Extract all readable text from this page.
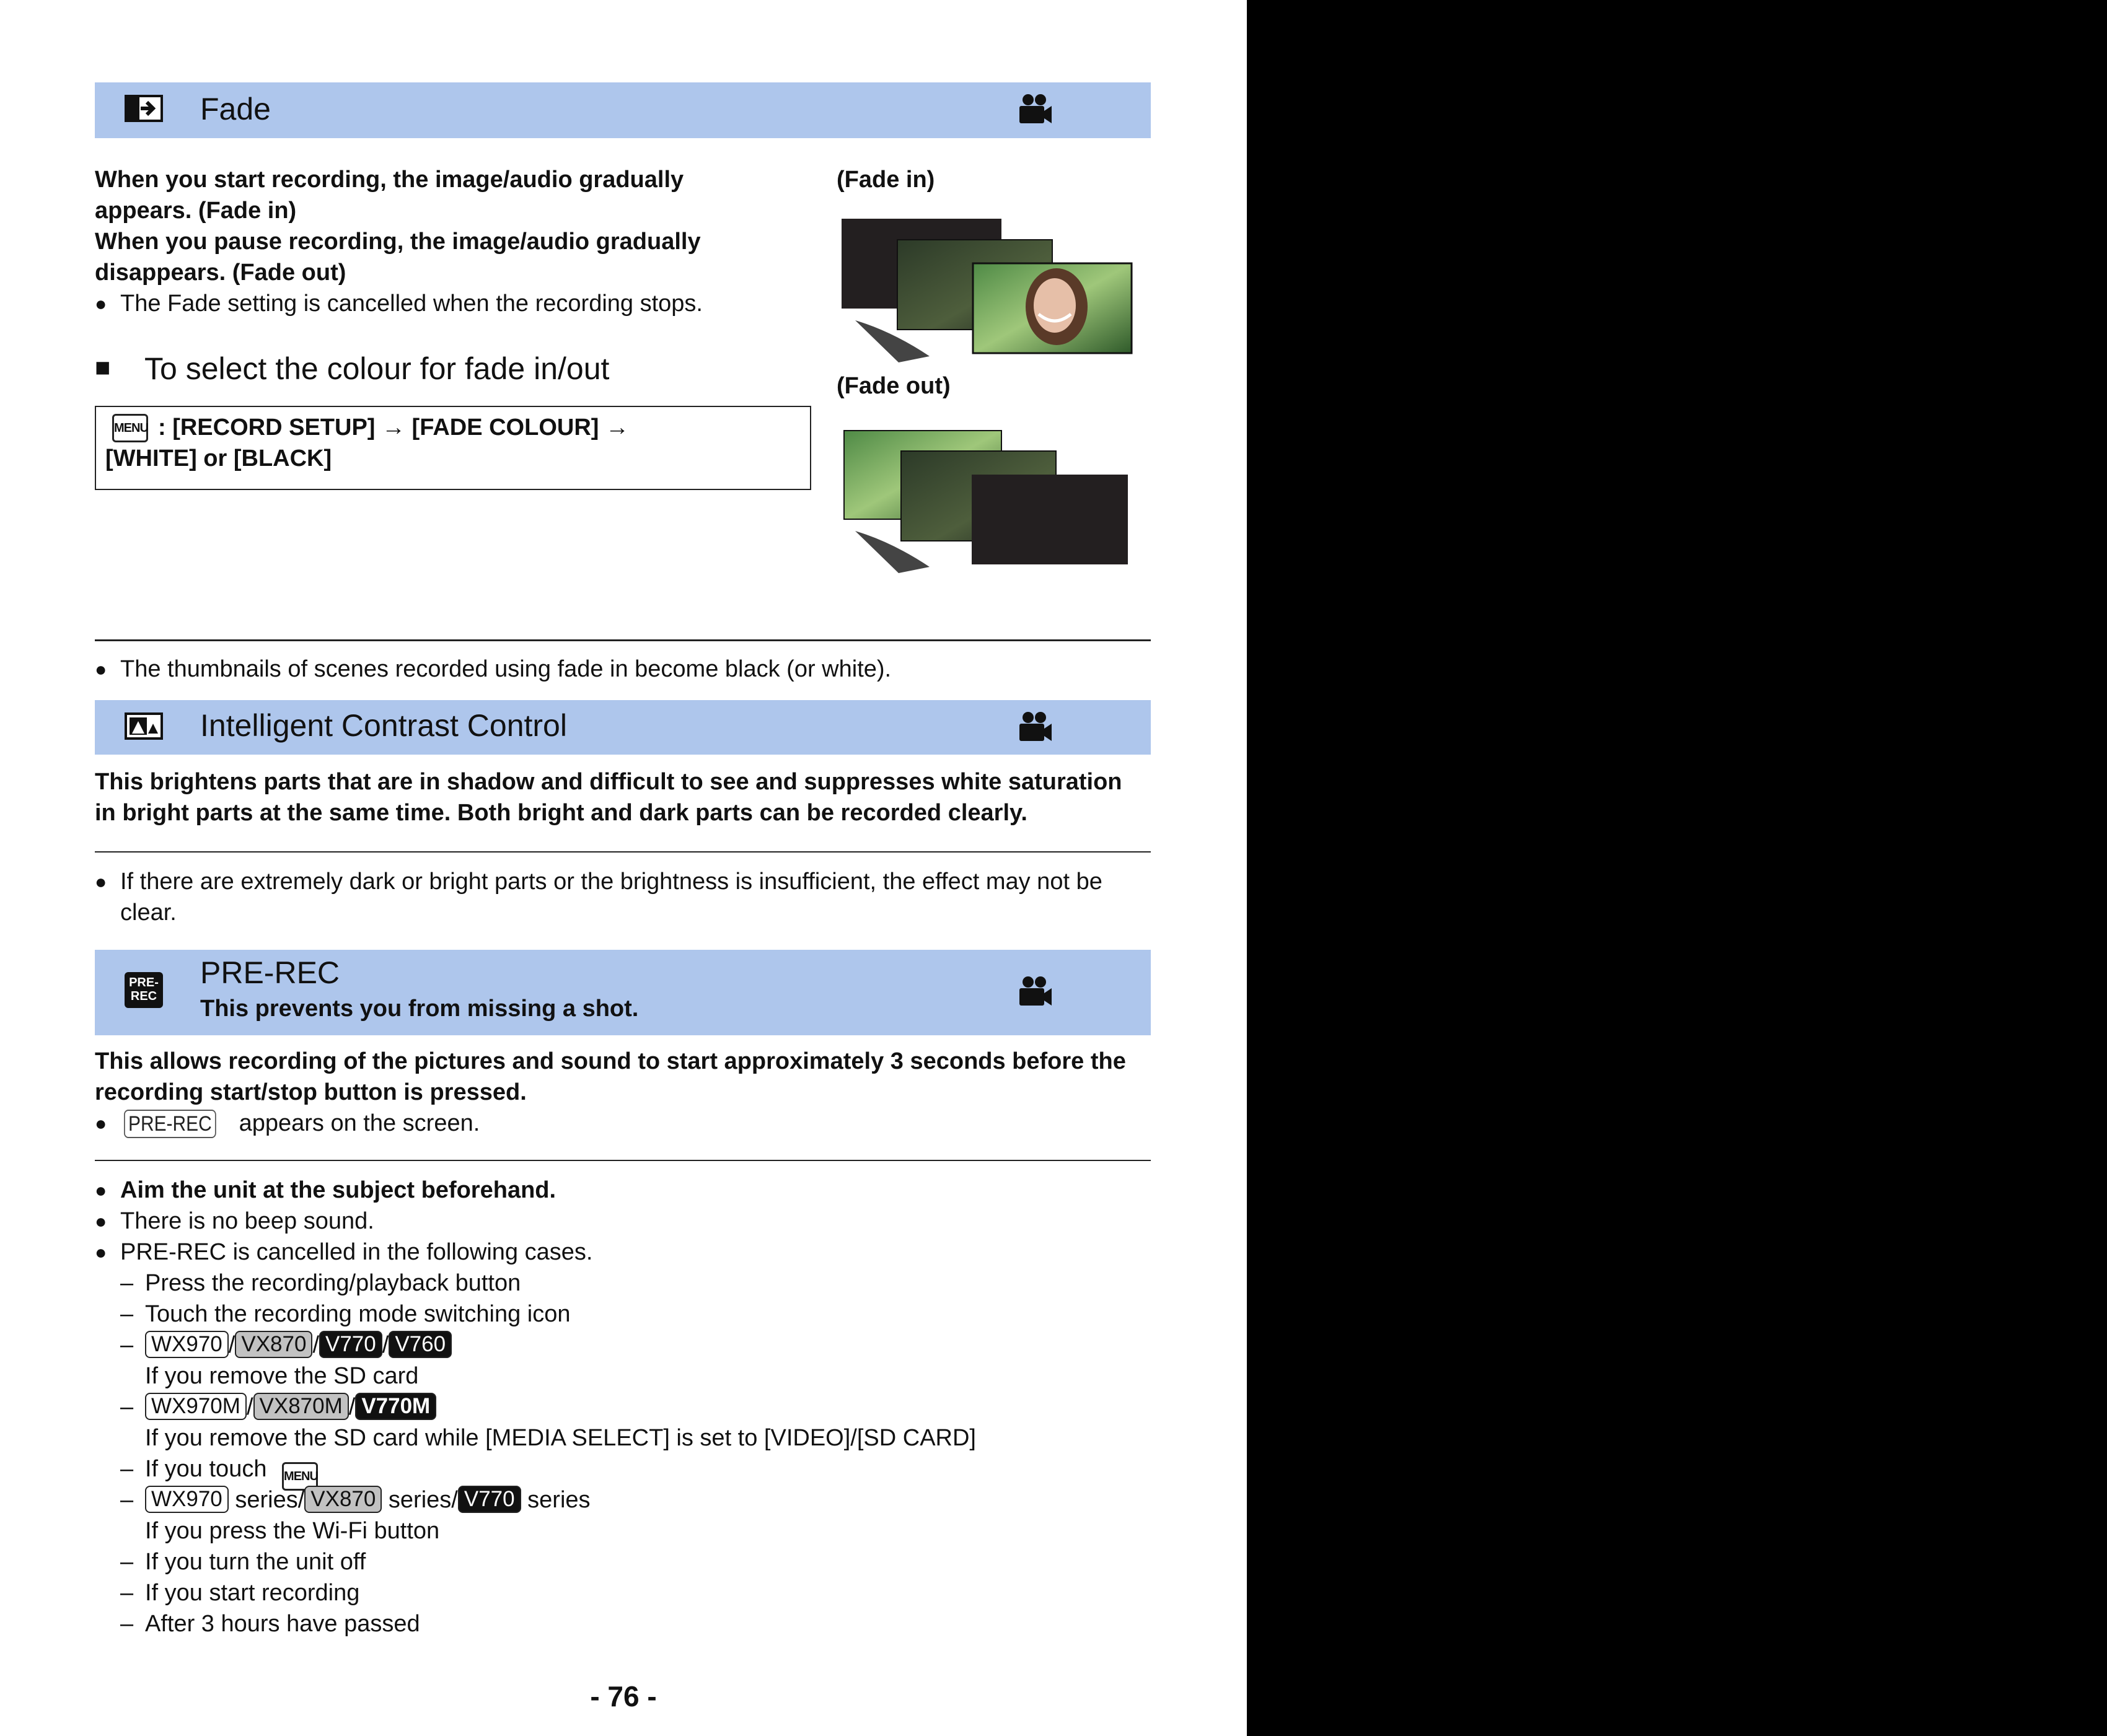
Fade
When you start recording, the image/audio gradually
appears. (Fade in)
When you pause recording, the image/audio gradually
disappears. (Fade out)
● The Fade setting is cancelled when the recording stops.
■ To select the colour for fade in/out
MENU : [RECORD SETUP] → [FADE COLOUR] →
[WHITE] or [BLACK]
(Fade in)
(Fade out)
● The thumbnails of scenes recorded using fade in become black (or white).
Intelligent Contrast Control
This brightens parts that are in shadow and difficult to see and suppresses white saturation
in bright parts at the same time. Both bright and dark parts can be recorded clearly.
● If there are extremely dark or bright parts or the brightness is insufficient, the effect may not be
clear.
PRE-
REC
PRE-REC
This prevents you from missing a shot.
This allows recording of the pictures and sound to start approximately 3 seconds before the
recording start/stop button is pressed.
● PRE-REC appears on the screen.
● Aim the unit at the subject beforehand.
● There is no beep sound.
● PRE-REC is cancelled in the following cases.
– Press the recording/playback button
– Touch the recording mode switching icon
– WX970 / VX870 / V770 / V760
If you remove the SD card
– WX970M / VX870M / V770M
If you remove the SD card while [MEDIA SELECT] is set to [VIDEO]/[SD CARD]
– If you touch MENU
– WX970 series/ VX870 series/ V770 series
If you press the Wi-Fi button
– If you turn the unit off
– If you start recording
– After 3 hours have passed
- 76 -
